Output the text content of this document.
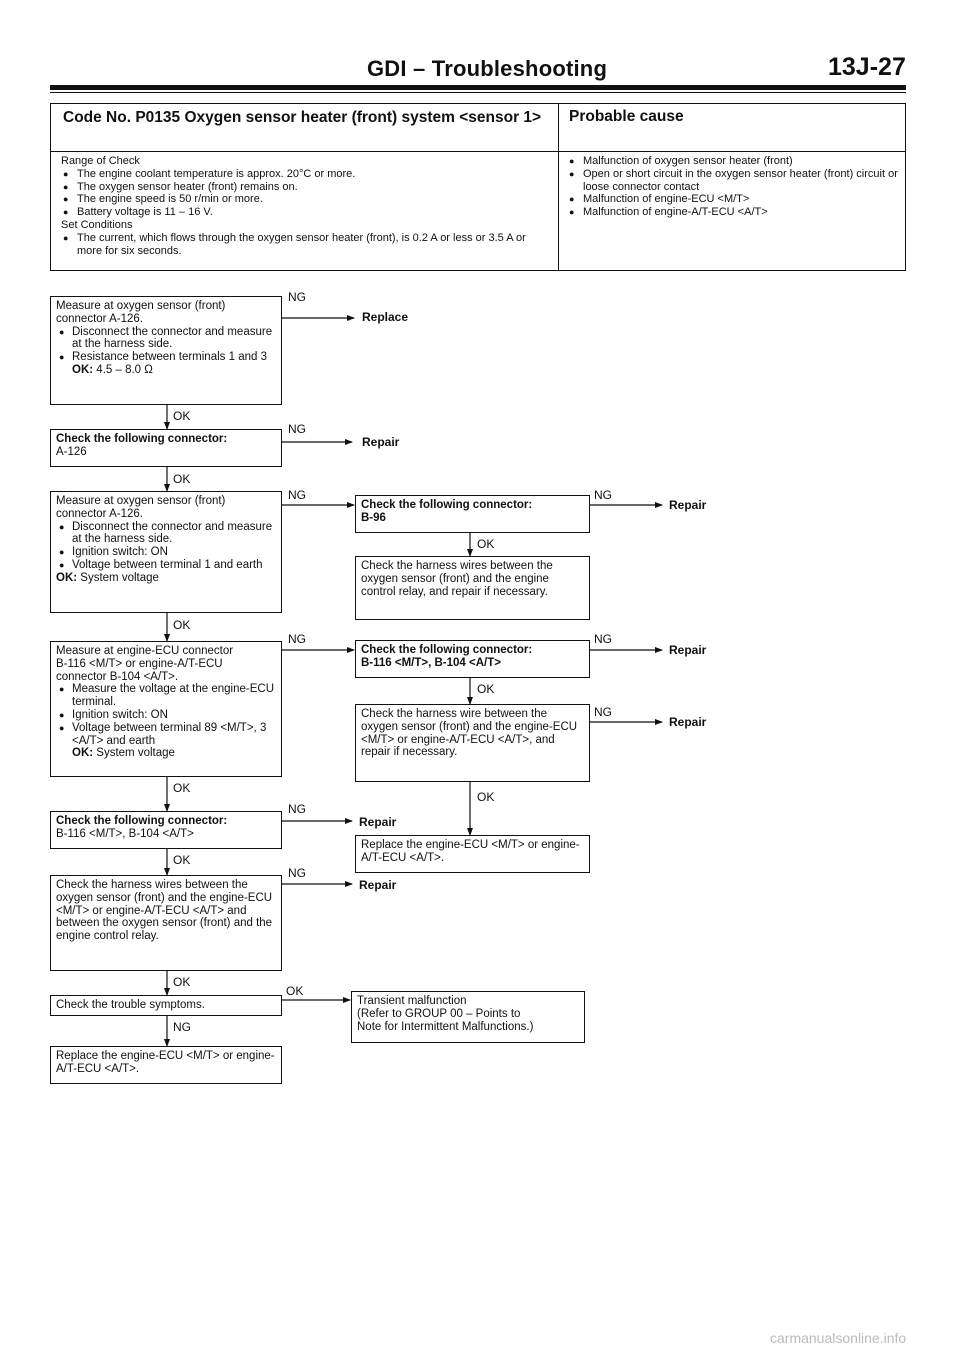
GDI – Troubleshooting	13J-27
Code No. P0135 Oxygen sensor heater (front) system <sensor 1>	Probable cause
Range of Check
● The engine coolant temperature is approx. 20°C or more.
● The oxygen sensor heater (front) remains on.
● The engine speed is 50 r/min or more.
● Battery voltage is 11 – 16 V.
Set Conditions
● The current, which flows through the oxygen sensor heater (front), is 0.2 A or less or 3.5 A or more for six seconds.
● Malfunction of oxygen sensor heater (front)
● Open or short circuit in the oxygen sensor heater (front) circuit or loose connector contact
● Malfunction of engine-ECU <M/T>
● Malfunction of engine-A/T-ECU <A/T>
Measure at oxygen sensor (front)
connector A-126.
● Disconnect the connector and measure at the harness side.
● Resistance between terminals 1 and 3
OK: 4.5 – 8.0 Ω
Check the following connector:
A-126
Measure at oxygen sensor (front)
connector A-126.
● Disconnect the connector and measure at the harness side.
● Ignition switch: ON
● Voltage between terminal 1 and earth
OK: System voltage
Measure at engine-ECU connector
B-116 <M/T> or engine-A/T-ECU
connector B-104 <A/T>.
● Measure the voltage at the engine-ECU terminal.
● Ignition switch: ON
● Voltage between terminal 89 <M/T>, 3 <A/T> and earth
OK: System voltage
Check the following connector:
B-116 <M/T>, B-104 <A/T>
Check the harness wires between the oxygen sensor (front) and the engine-ECU <M/T> or engine-A/T-ECU <A/T> and between the oxygen sensor (front) and the engine control relay.
Check the trouble symptoms.
Replace the engine-ECU <M/T> or engine-A/T-ECU <A/T>.
Check the following connector:
B-96
Check the harness wires between the oxygen sensor (front) and the engine control relay, and repair if necessary.
Check the following connector:
B-116 <M/T>, B-104 <A/T>
Check the harness wire between the oxygen sensor (front) and the engine-ECU <M/T> or engine-A/T-ECU <A/T>, and repair if necessary.
Replace the engine-ECU <M/T> or engine-A/T-ECU <A/T>.
Transient malfunction
(Refer to GROUP 00 – Points to
Note for Intermittent Malfunctions.)
Replace
Repair
Repair
Repair
Repair
Repair
Repair
NG
NG
NG
NG
NG
NG
NG
NG
NG
NG
OK
OK
OK
OK
OK
OK
OK
OK
OK
OK
carmanualsonline.info
